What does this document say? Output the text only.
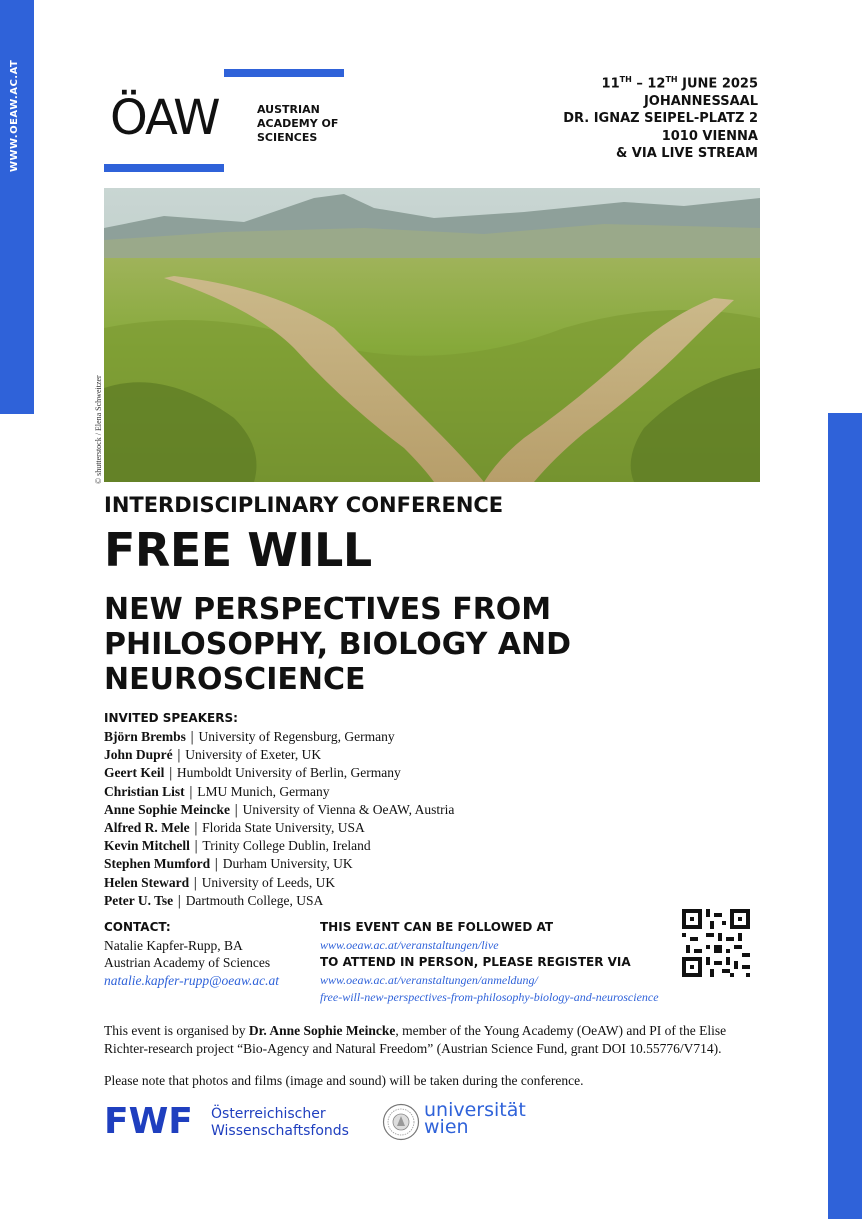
WWW.OEAW.AC.AT ÖAW	AUSTRIAN
ACADEMY OF
SCIENCES
11TH – 12TH JUNE 2025
JOHANNESSAAL
DR. IGNAZ SEIPEL-PLATZ 2
1010 VIENNA
& VIA LIVE STREAM
© shutterstock / Elena Schweitzer
INTERDISCIPLINARY CONFERENCE
FREE WILL
NEW PERSPECTIVES FROM PHILOSOPHY, BIOLOGY AND NEUROSCIENCE
INVITED SPEAKERS:
Björn Brembs | University of Regensburg, Germany
John Dupré | University of Exeter, UK
Geert Keil | Humboldt University of Berlin, Germany
Christian List | LMU Munich, Germany
Anne Sophie Meincke | University of Vienna & OeAW, Austria
Alfred R. Mele | Florida State University, USA
Kevin Mitchell | Trinity College Dublin, Ireland
Stephen Mumford | Durham University, UK
Helen Steward | University of Leeds, UK
Peter U. Tse | Dartmouth College, USA
CONTACT:
Natalie Kapfer-Rupp, BA
Austrian Academy of Sciences
natalie.kapfer-rupp@oeaw.ac.at
THIS EVENT CAN BE FOLLOWED AT
www.oeaw.ac.at/veranstaltungen/live
TO ATTEND IN PERSON, PLEASE REGISTER VIA
www.oeaw.ac.at/veranstaltungen/anmeldung/
free-will-new-perspectives-from-philosophy-biology-and-neuroscience
This event is organised by Dr. Anne Sophie Meincke, member of the Young Academy (OeAW) and PI of the Elise Richter-research project “Bio-Agency and Natural Freedom” (Austrian Science Fund, grant DOI 10.55776/V714).
Please note that photos and films (image and sound) will be taken during the conference.
FWF Österreichischer
Wissenschaftsfonds
universität
wien
